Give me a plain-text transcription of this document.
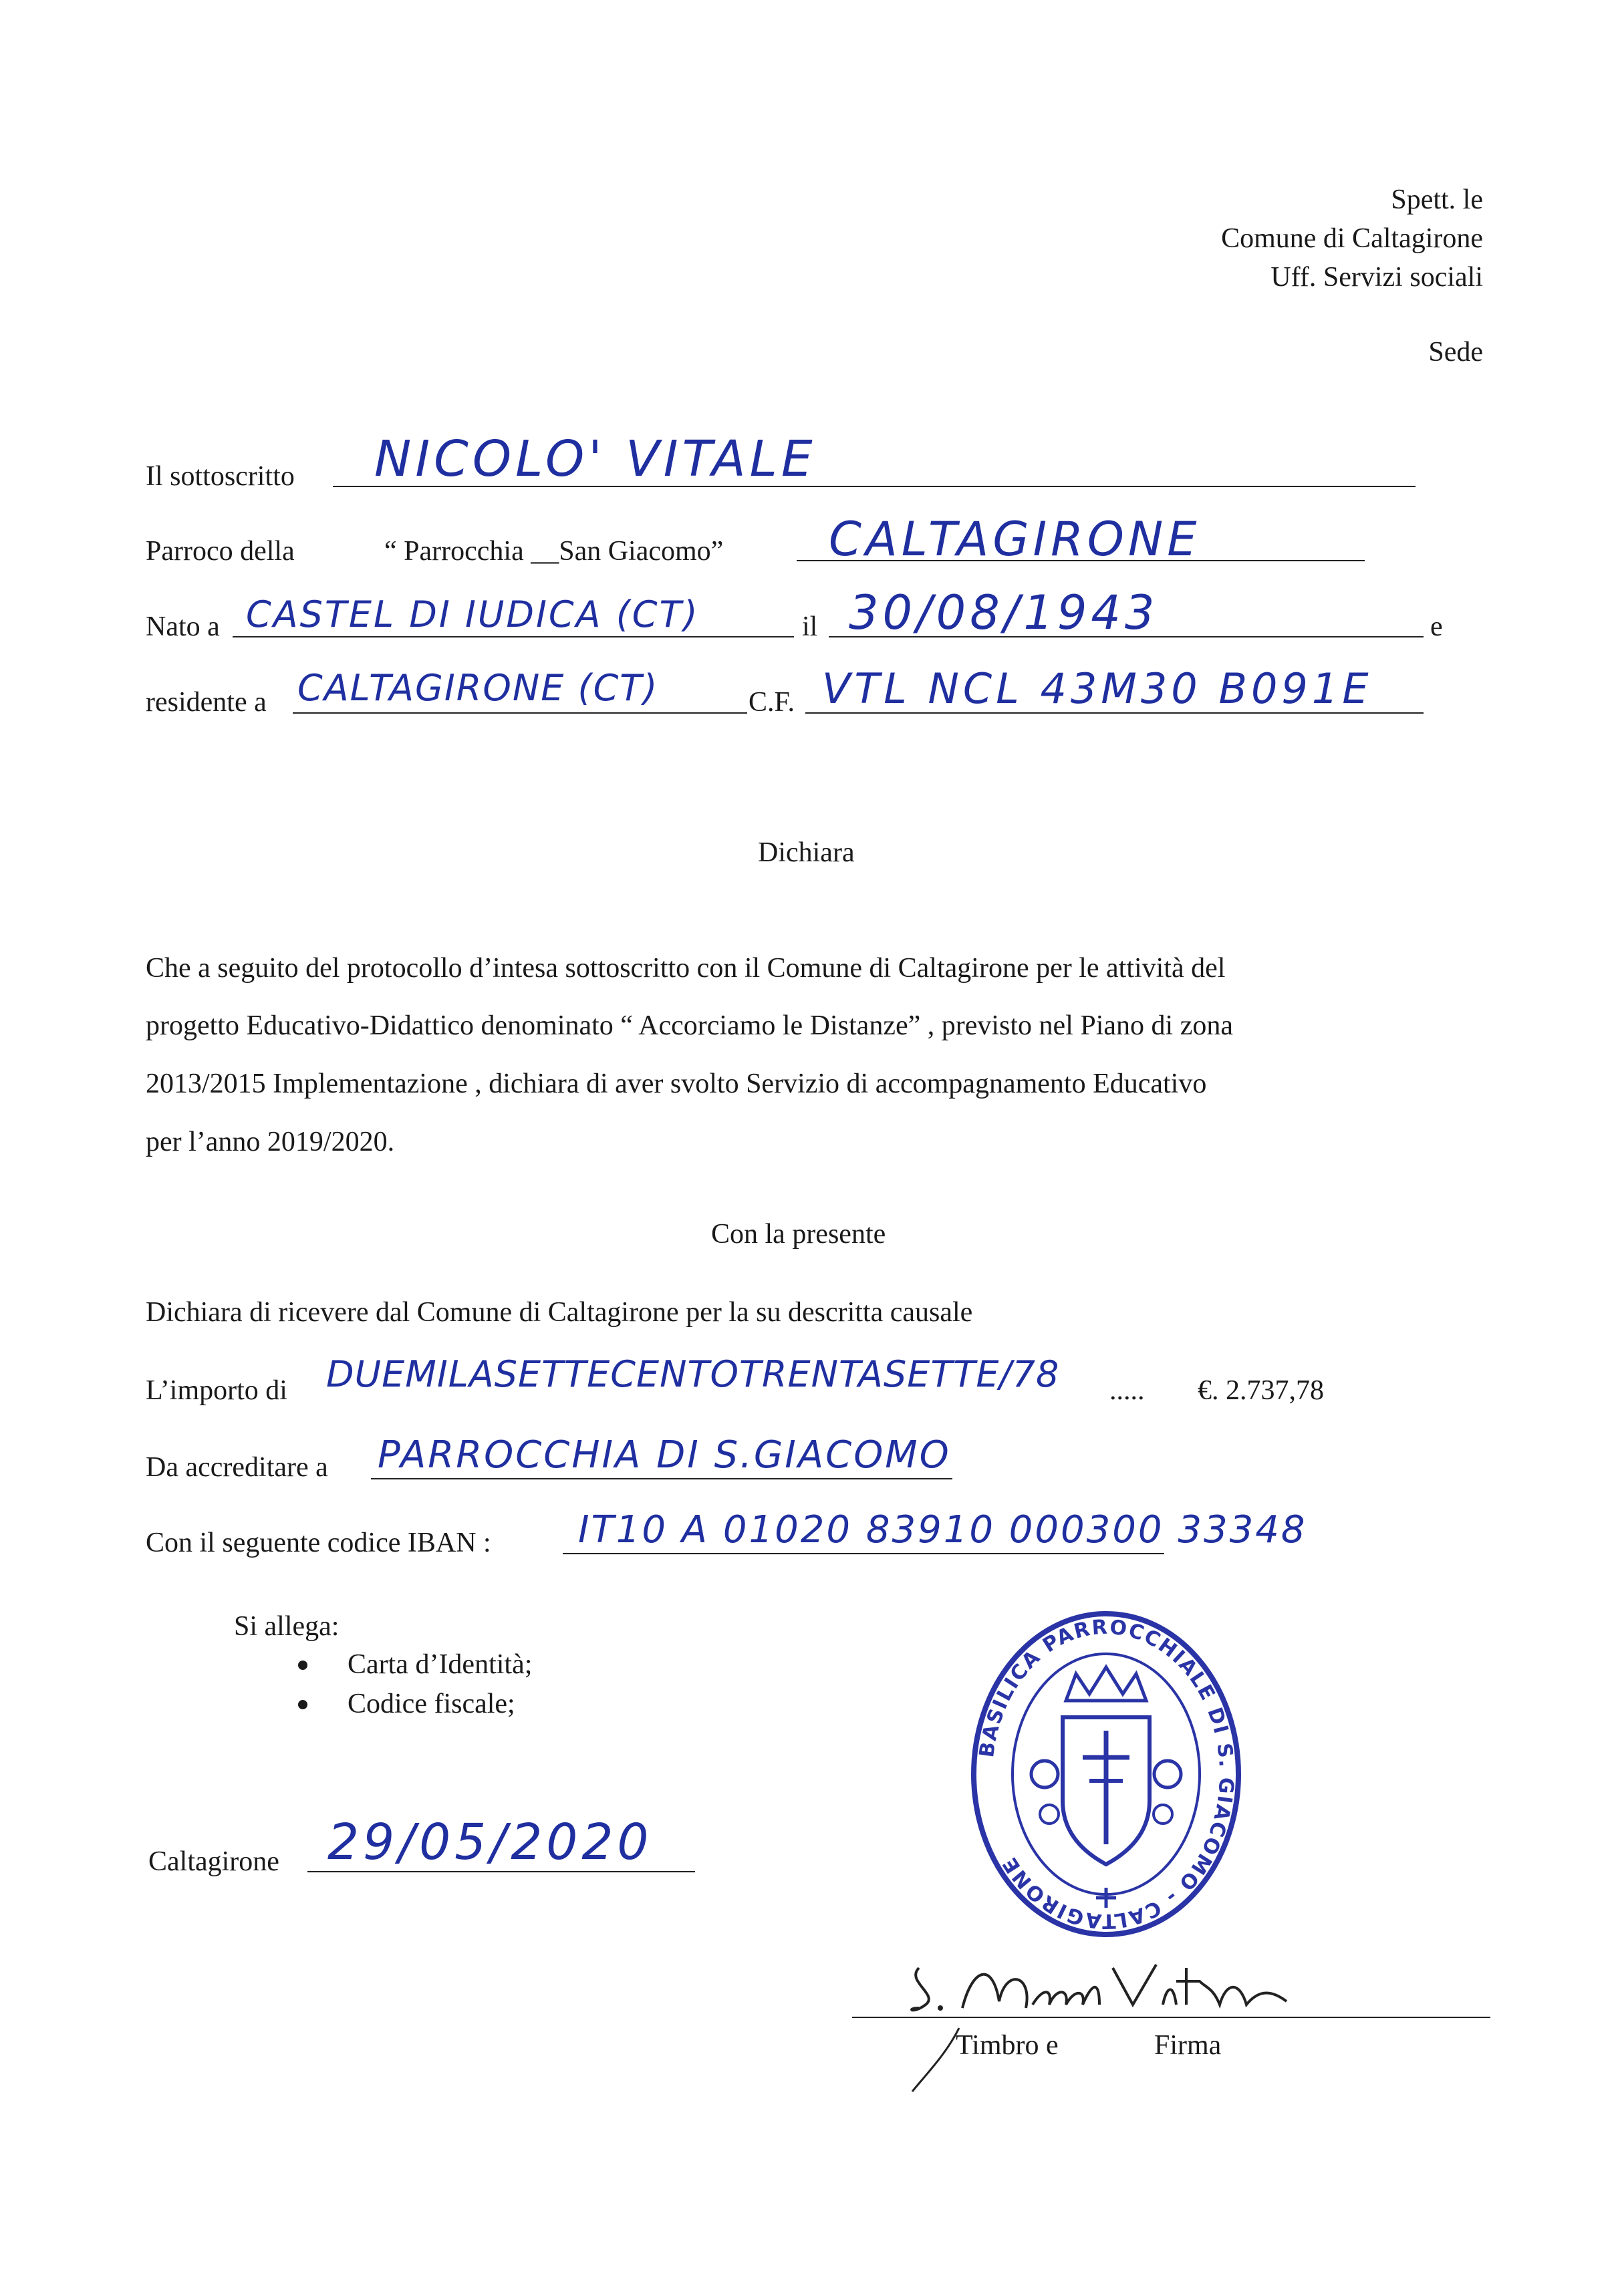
Spett. le
Comune di Caltagirone
Uff. Servizi sociali
Sede
Il sottoscritto NICOLO' VITALE
Parroco della	“ Parrocchia __San Giacomo” CALTAGIRONE
Nato a CASTEL DI IUDICA (CT)	il 30/08/1943	e
residente a CALTAGIRONE (CT)	C.F. VTL NCL 43M30 B091E
Dichiara
Che a seguito del protocollo d’intesa sottoscritto con il Comune di Caltagirone per le attività del
progetto Educativo-Didattico denominato “ Accorciamo le Distanze” , previsto nel Piano di zona
2013/2015 Implementazione , dichiara di aver svolto Servizio di accompagnamento Educativo
per l’anno 2019/2020.
Con la presente
Dichiara di ricevere dal Comune di Caltagirone per la su descritta causale
L’importo di DUEMILASETTECENTOTRENTASETTE/78 ..... €. 2.737,78
Da accreditare a PARROCCHIA DI S.GIACOMO
Con il seguente codice IBAN : IT10 A 01020 83910 000300 33348
Si allega:
Carta d’Identità;
Codice fiscale;
Caltagirone 29/05/2020
BASILICA PARROCCHIALE DI S. GIACOMO - CALTAGIRONE
Timbro e	Firma
